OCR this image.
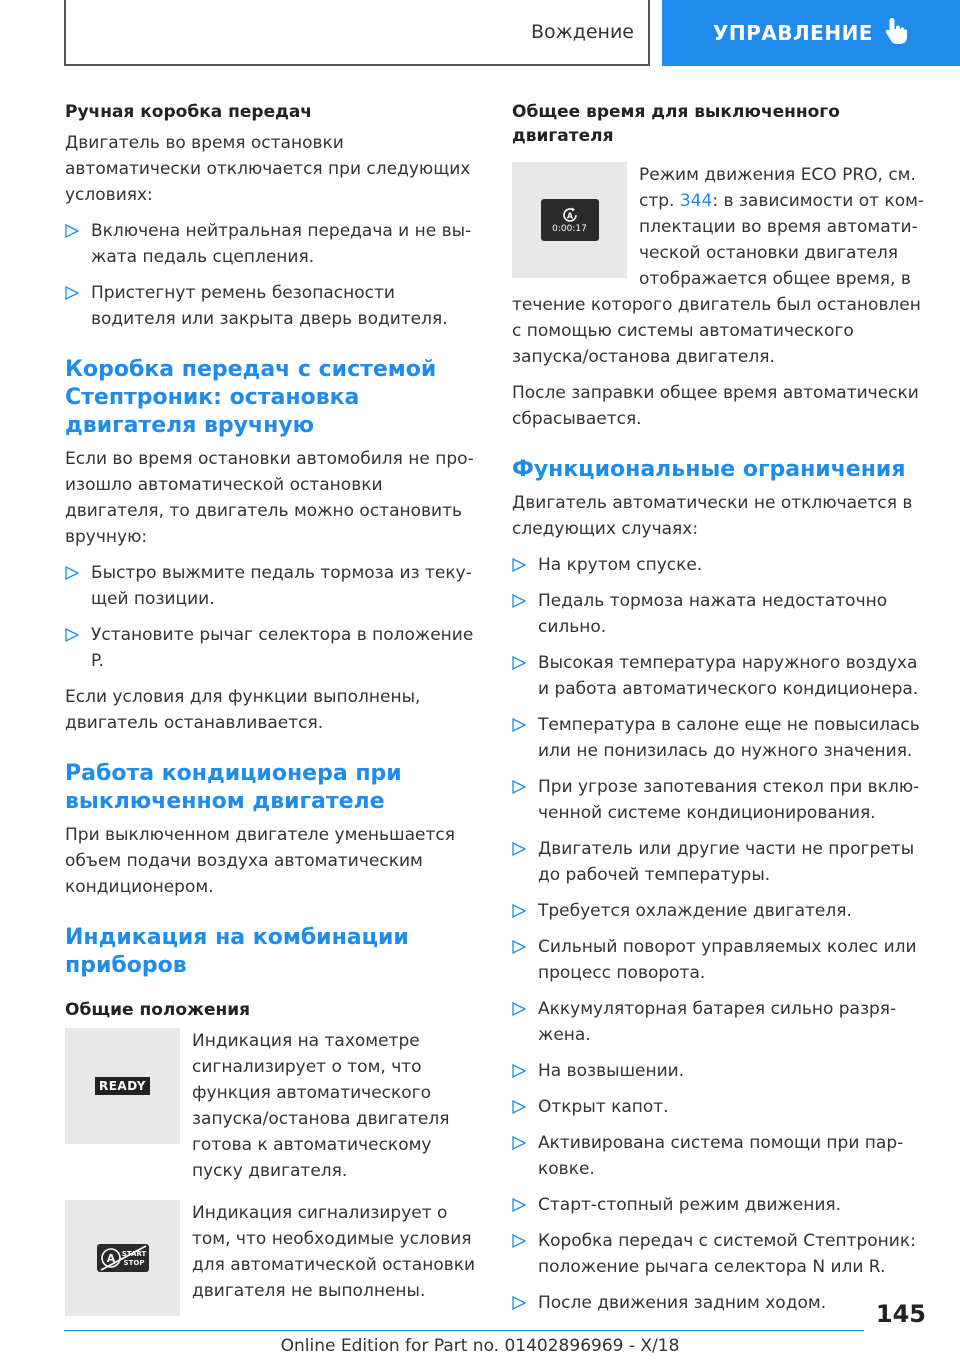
Вождение	УПРАВЛЕНИЕ
Ручная коробка передач
Двигатель во время остановки автоматически отключается при следующих условиях:
Включена нейтральная передача и не выжата педаль сцепления.
Пристегнут ремень безопасности водителя или закрыта дверь водителя.
Коробка передач с системой Стептроник: остановка двигателя вручную
Если во время остановки автомобиля не произошло автоматической остановки двигателя, то двигатель можно остановить вручную:
Быстро выжмите педаль тормоза из текущей позиции.
Установите рычаг селектора в положение P.
Если условия для функции выполнены, двигатель останавливается.
Работа кондиционера при выключенном двигателе
При выключенном двигателе уменьшается объем подачи воздуха автоматическим кондиционером.
Индикация на комбинации приборов
Общие положения
READY
Индикация на тахометре сигнализирует о том, что функция автоматического запуска/останова двигателя готова к автоматическому пуску двигателя.
A START
STOP
Индикация сигнализирует о том, что необходимые условия для автоматической остановки двигателя не выполнены.
Общее время для выключенного двигателя
A
0:00:17
Режим движения ECO PRO, см. стр. 344: в зависимости от комплектации во время автоматической остановки двигателя отображается общее время, в
течение которого двигатель был остановлен с помощью системы автоматического запуска/останова двигателя.
После заправки общее время автоматически сбрасывается.
Функциональные ограничения
Двигатель автоматически не отключается в следующих случаях:
На крутом спуске.
Педаль тормоза нажата недостаточно сильно.
Высокая температура наружного воздуха и работа автоматического кондиционера.
Температура в салоне еще не повысилась или не понизилась до нужного значения.
При угрозе запотевания стекол при включенной системе кондиционирования.
Двигатель или другие части не прогреты до рабочей температуры.
Требуется охлаждение двигателя.
Сильный поворот управляемых колес или процесс поворота.
Аккумуляторная батарея сильно разряжена.
На возвышении.
Открыт капот.
Активирована система помощи при парковке.
Старт-стопный режим движения.
Коробка передач с системой Стептроник: положение рычага селектора N или R.
После движения задним ходом.	145
Online Edition for Part no. 01402896969 - X/18
